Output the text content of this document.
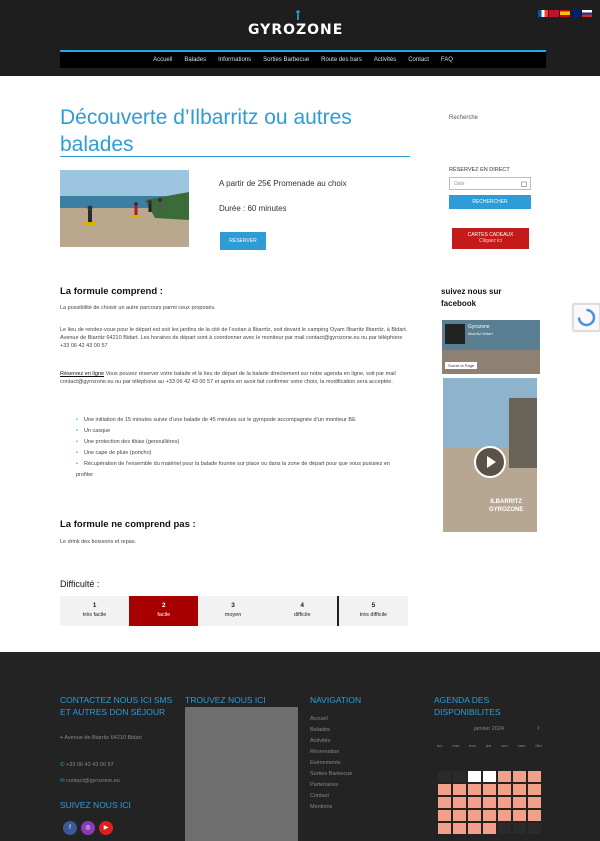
GYROZONE
Accueil Balades Informations Sorties Barbecue Route des bars Activités Contact FAQ
Découverte d’Ilbarritz ou autres balades

A partir de 25€ Promenade au choix

Durée : 60 minutes

RESERVER
La formule comprend :

La possibilité de choisir un autre parcours parmi ceux proposés.

Le lieu de rendez-vous pour le départ est soit les jardins de la cité de l’océan à Ilbarritz, soit devant le camping Oyam Ilbarritz Ilbarritz, à Bidart. Avenue de Biarritz 64210 Bidart. Les horaires de départ sont à coordonner avec le moniteur par mail contact@gyrozone.eu ou par téléphone +33 06 42 43 00 57

Réservez en ligne Vous pouvez réserver votre balade et le lieu de départ de la balade directement sur notre agenda en ligne, soit par mail contact@gyrozone.eu ou par téléphone au +33 06 42 43 00 57 et après en avoir fait confirmer votre choix, la modification sera acceptée.

• Une initiation de 15 minutes suivie d’une balade de 45 minutes sur le gyropode accompagnée d’un moniteur BE
• Un casque
• Une protection des tibias (genouillères)
• Une cape de pluie (poncho)
• Récupération de l’ensemble du matériel pour la balade fournie sur place ou dans la zone de départ pour que vous puissiez en profiter
La formule ne comprend pas :

Le drink des boissons et repas.

Difficulté :
1
très facile
2
facile
3
moyen
4
difficile
5
très difficile
Recherche
RÉSERVEZ EN DIRECT
Date
RECHERCHER
CARTES CADEAUX
Cliquez ici
suivez nous sur facebook
Gyrozone
Ilbarritz Bidart
Suivre la Page
ILBARRITZ
GYROZONE
CONTACTEZ NOUS ICI SMS ET AUTRES DON SÉJOUR
⌖ Avenue de Biarritz 64210 Bidart
✆ +33 06 42 43 00 57
✉ contact@gyrozone.eu
SUIVEZ NOUS ICI
f	◎	▶
TROUVEZ NOUS ICI	NAVIGATION
Accueil
Balades
Activités
Réservation
Evènements
Sorties Barbecue
Partenaires
Contact
Mentions
AGENDA DES DISPONIBILITES
janvier 2024	›
lun. mar. mer. jeu. ven. sam. dim.
